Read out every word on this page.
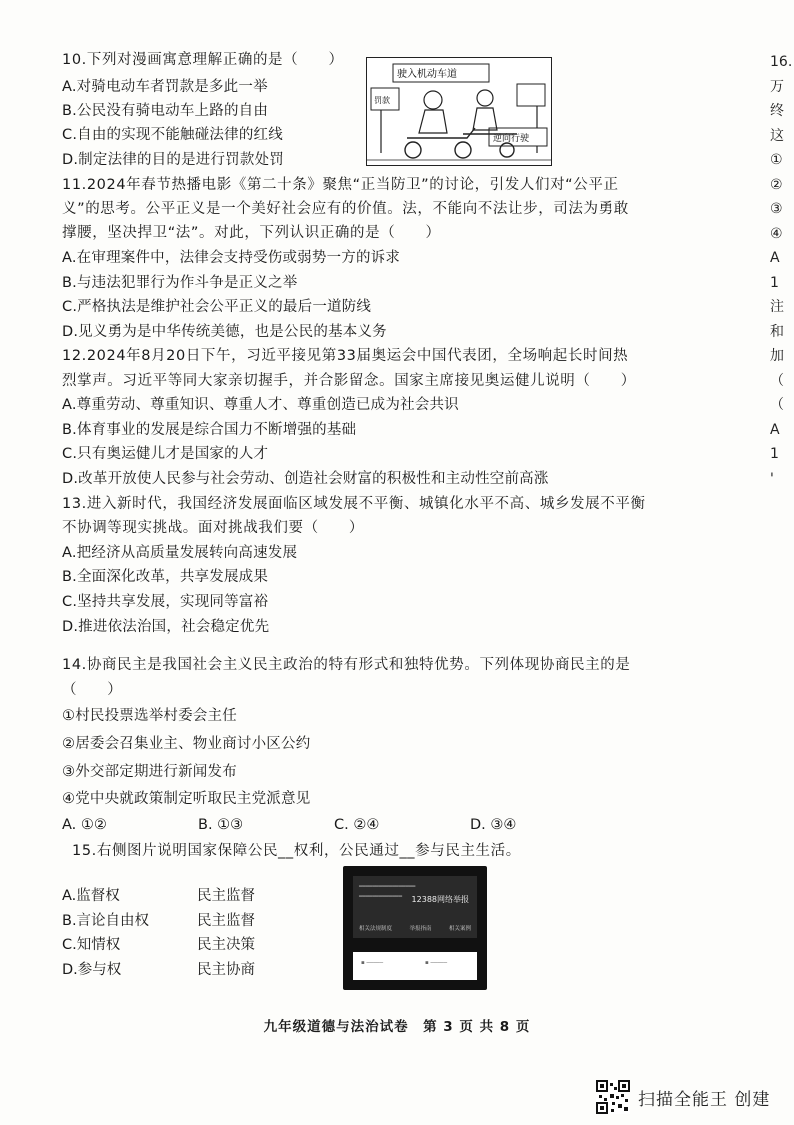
10.下列对漫画寓意理解正确的是（　　）
A.对骑电动车者罚款是多此一举
B.公民没有骑电动车上路的自由
C.自由的实现不能触碰法律的红线
D.制定法律的目的是进行罚款处罚
驶入机动车道
罚款
逆向行驶
11.2024年春节热播电影《第二十条》聚焦“正当防卫”的讨论，引发人们对“公平正
义”的思考。公平正义是一个美好社会应有的价值。法，不能向不法让步，司法为勇敢
撑腰，坚决捍卫“法”。对此，下列认识正确的是（　　）
A.在审理案件中，法律会支持受伤或弱势一方的诉求
B.与违法犯罪行为作斗争是正义之举
C.严格执法是维护社会公平正义的最后一道防线
D.见义勇为是中华传统美德，也是公民的基本义务
12.2024年8月20日下午，习近平接见第33届奥运会中国代表团，全场响起长时间热
烈掌声。习近平等同大家亲切握手，并合影留念。国家主席接见奥运健儿说明（　　）
A.尊重劳动、尊重知识、尊重人才、尊重创造已成为社会共识
B.体育事业的发展是综合国力不断增强的基础
C.只有奥运健儿才是国家的人才
D.改革开放使人民参与社会劳动、创造社会财富的积极性和主动性空前高涨
13.进入新时代，我国经济发展面临区域发展不平衡、城镇化水平不高、城乡发展不平衡
不协调等现实挑战。面对挑战我们要（　　）
A.把经济从高质量发展转向高速发展
B.全面深化改革，共享发展成果
C.坚持共享发展，实现同等富裕
D.推进依法治国，社会稳定优先
14.协商民主是我国社会主义民主政治的特有形式和独特优势。下列体现协商民主的是
（　　）
①村民投票选举村委会主任
②居委会召集业主、物业商讨小区公约
③外交部定期进行新闻发布
④党中央就政策制定听取民主党派意见
A. ①②	B. ①③	C. ②④	D. ③④
15.右侧图片说明国家保障公民__权利，公民通过__参与民主生活。
A.监督权	民主监督
B.言论自由权	民主监督
C.知情权	民主决策
D.参与权	民主协商
━━━━━━━━━━━━━━━━━
━━━━━━━━━━━━━ 12388网络举报
相关法规制度	举报指南	相关案例
▪ ─────	▪ ─────
16.
万
终
这
①
②
③
④
A
1
注
和
加
（
（
A
1
'
九年级道德与法治试卷　第 3 页 共 8 页
扫描全能王 创建
